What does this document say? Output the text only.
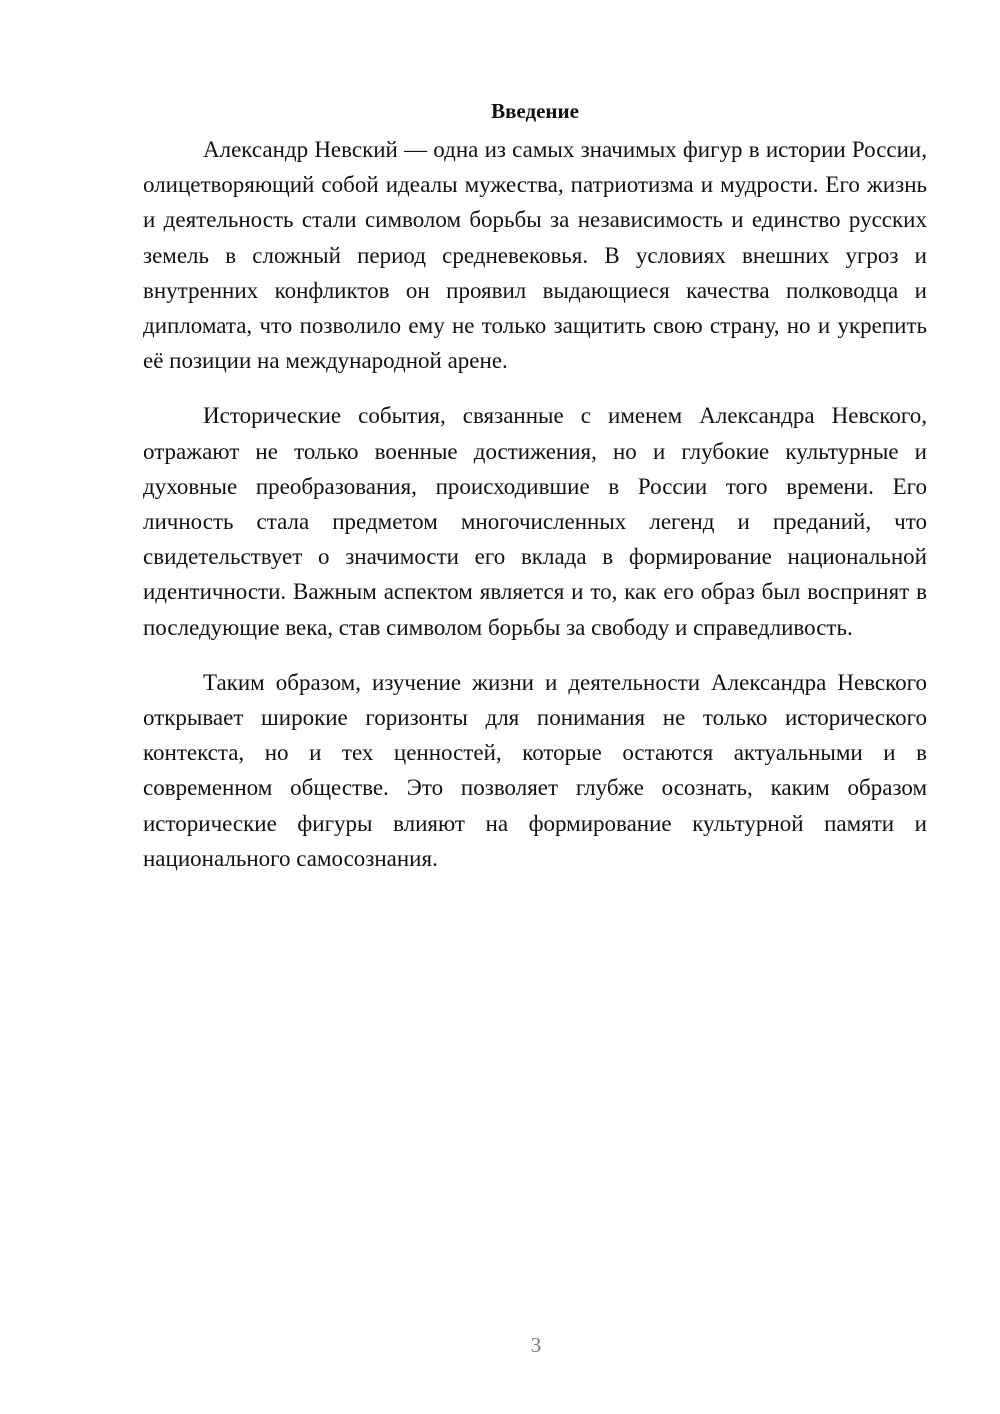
Введение

Александр Невский — одна из самых значимых фигур в истории России, олицетворяющий собой идеалы мужества, патриотизма и мудрости. Его жизнь и деятельность стали символом борьбы за независимость и единство русских земель в сложный период средневековья. В условиях внешних угроз и внутренних конфликтов он проявил выдающиеся качества полководца и дипломата, что позволило ему не только защитить свою страну, но и укрепить её позиции на международной арене.

Исторические события, связанные с именем Александра Невского, отражают не только военные достижения, но и глубокие культурные и духовные преобразования, происходившие в России того времени. Его личность стала предметом многочисленных легенд и преданий, что свидетельствует о значимости его вклада в формирование национальной идентичности. Важным аспектом является и то, как его образ был воспринят в последующие века, став символом борьбы за свободу и справедливость.

Таким образом, изучение жизни и деятельности Александра Невского открывает широкие горизонты для понимания не только исторического контекста, но и тех ценностей, которые остаются актуальными и в современном обществе. Это позволяет глубже осознать, каким образом исторические фигуры влияют на формирование культурной памяти и национального самосознания.

3
